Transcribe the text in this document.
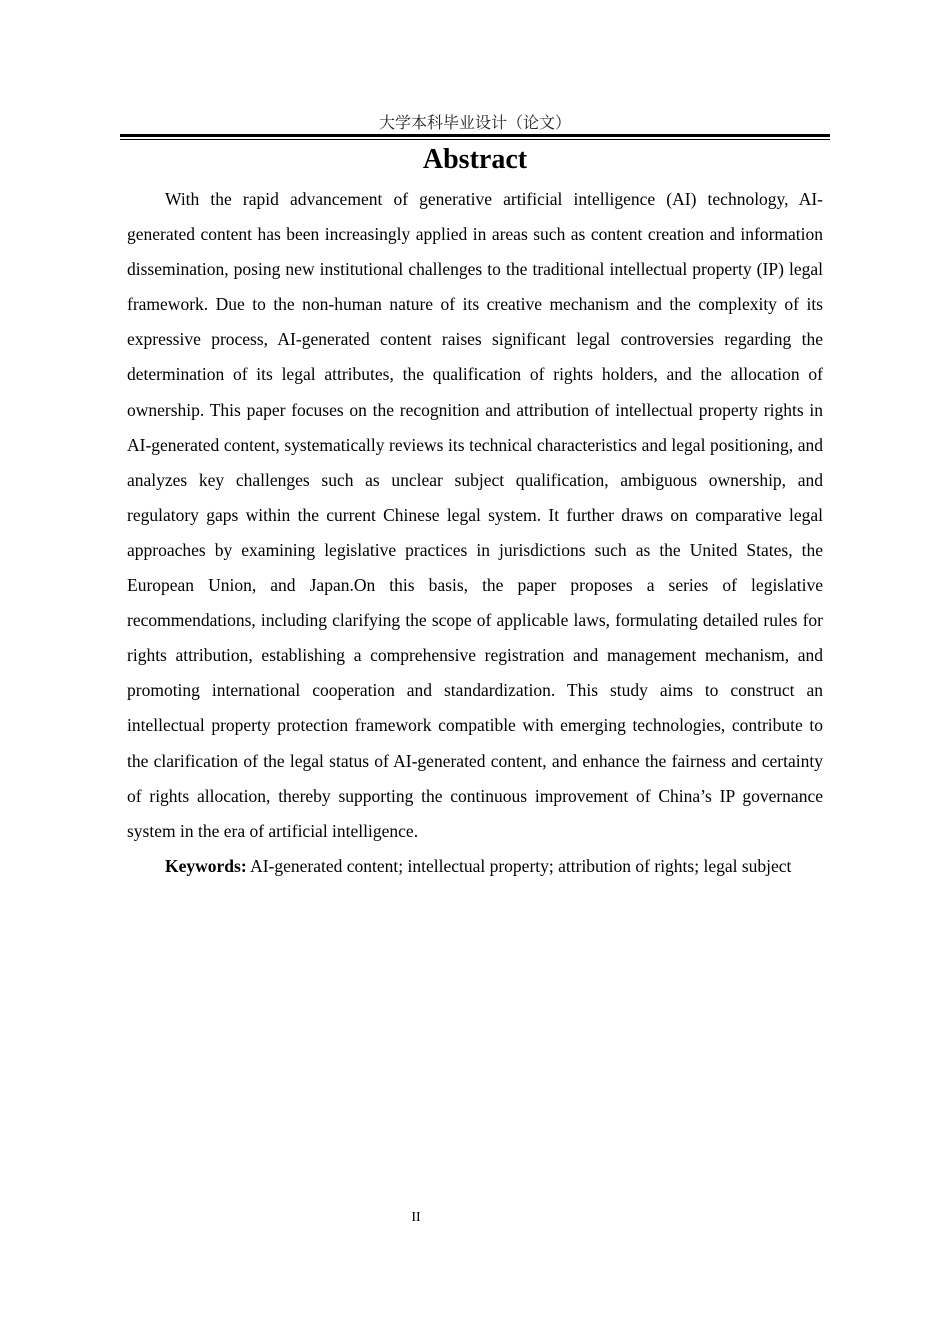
大学本科毕业设计（论文）
Abstract

With the rapid advancement of generative artificial intelligence (AI) technology, AI-generated content has been increasingly applied in areas such as content creation and information dissemination, posing new institutional challenges to the traditional intellectual property (IP) legal framework. Due to the non-human nature of its creative mechanism and the complexity of its expressive process, AI-generated content raises significant legal controversies regarding the determination of its legal attributes, the qualification of rights holders, and the allocation of ownership. This paper focuses on the recognition and attribution of intellectual property rights in AI-generated content, systematically reviews its technical characteristics and legal positioning, and analyzes key challenges such as unclear subject qualification, ambiguous ownership, and regulatory gaps within the current Chinese legal system. It further draws on comparative legal approaches by examining legislative practices in jurisdictions such as the United States, the European Union, and Japan.On this basis, the paper proposes a series of legislative recommendations, including clarifying the scope of applicable laws, formulating detailed rules for rights attribution, establishing a comprehensive registration and management mechanism, and promoting international cooperation and standardization. This study aims to construct an intellectual property protection framework compatible with emerging technologies, contribute to the clarification of the legal status of AI-generated content, and enhance the fairness and certainty of rights allocation, thereby supporting the continuous improvement of China’s IP governance system in the era of artificial intelligence.

Keywords: AI-generated content; intellectual property; attribution of rights; legal subject

II
